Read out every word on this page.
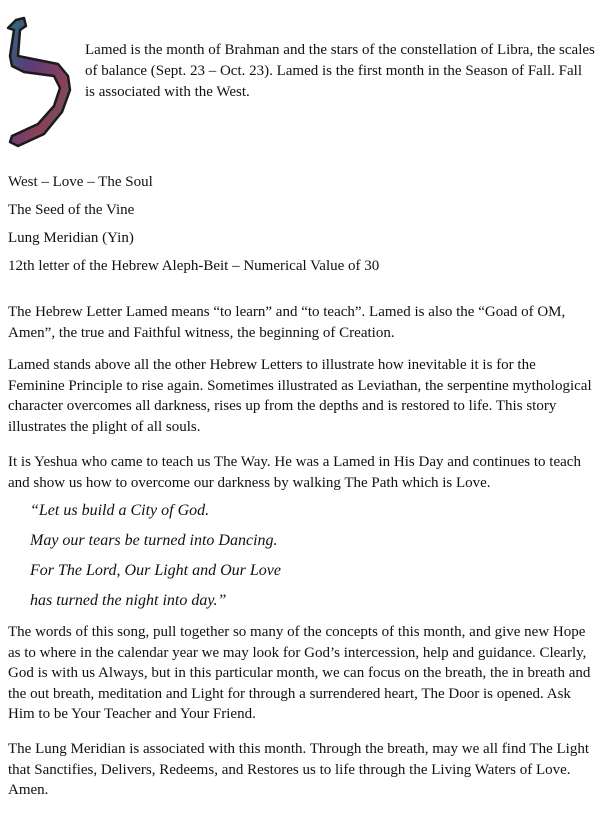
Lamed is the month of Brahman and the stars of the constellation of Libra, the scales of balance (Sept. 23 – Oct. 23). Lamed is the first month in the Season of Fall. Fall is associated with the West.

West – Love – The Soul
The Seed of the Vine
Lung Meridian (Yin)
12th letter of the Hebrew Aleph-Beit – Numerical Value of 30

The Hebrew Letter Lamed means “to learn” and “to teach”. Lamed is also the “Goad of OM, Amen”, the true and Faithful witness, the beginning of Creation.

Lamed stands above all the other Hebrew Letters to illustrate how inevitable it is for the Feminine Principle to rise again. Sometimes illustrated as Leviathan, the serpentine mythological character overcomes all darkness, rises up from the depths and is restored to life. This story illustrates the plight of all souls.

It is Yeshua who came to teach us The Way. He was a Lamed in His Day and continues to teach and show us how to overcome our darkness by walking The Path which is Love.

“Let us build a City of God.
May our tears be turned into Dancing.
For The Lord, Our Light and Our Love
has turned the night into day.”

The words of this song, pull together so many of the concepts of this month, and give new Hope as to where in the calendar year we may look for God’s intercession, help and guidance. Clearly, God is with us Always, but in this particular month, we can focus on the breath, the in breath and the out breath, meditation and Light for through a surrendered heart, The Door is opened. Ask Him to be Your Teacher and Your Friend.

The Lung Meridian is associated with this month. Through the breath, may we all find The Light that Sanctifies, Delivers, Redeems, and Restores us to life through the Living Waters of Love. Amen.
